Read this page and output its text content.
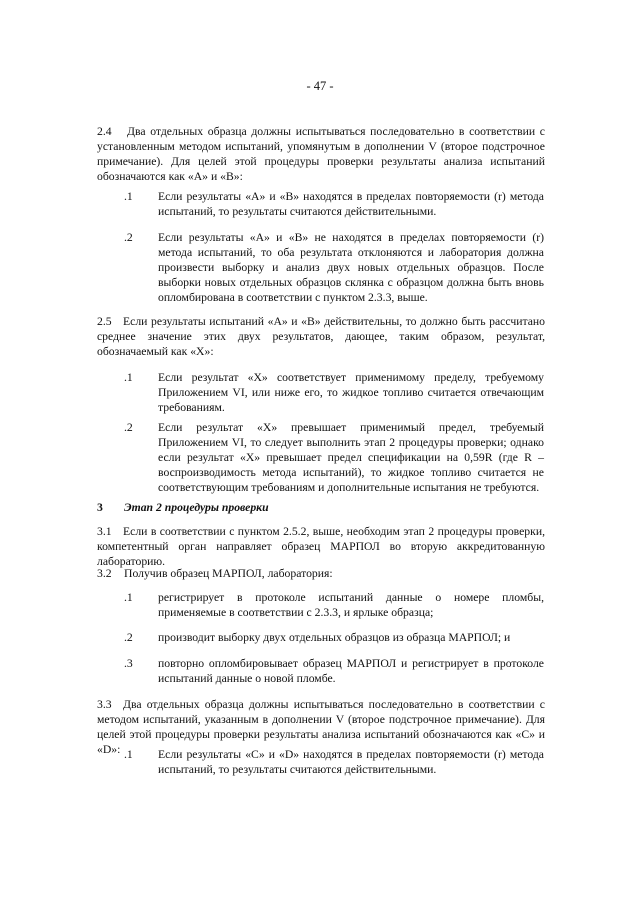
- 47 -
2.4	Два отдельных образца должны испытываться последовательно в соответствии с установленным методом испытаний, упомянутым в дополнении V (второе подстрочное примечание). Для целей этой процедуры проверки результаты анализа испытаний обозначаются как «А» и «В»:
.1 Если результаты «А» и «В» находятся в пределах повторяемости (r) метода испытаний, то результаты считаются действительными.
.2 Если результаты «А» и «В» не находятся в пределах повторяемости (r) метода испытаний, то оба результата отклоняются и лаборатория должна произвести выборку и анализ двух новых отдельных образцов. После выборки новых отдельных образцов склянка с образцом должна быть вновь опломбирована в соответствии с пунктом 2.3.3, выше.
2.5 Если результаты испытаний «А» и «В» действительны, то должно быть рассчитано среднее значение этих двух результатов, дающее, таким образом, результат, обозначаемый как «Х»:
.1 Если результат «Х» соответствует применимому пределу, требуемому Приложением VI, или ниже его, то жидкое топливо считается отвечающим требованиям.
.2 Если результат «Х» превышает применимый предел, требуемый Приложением VI, то следует выполнить этап 2 процедуры проверки; однако если результат «Х» превышает предел спецификации на 0,59R (где R – воспроизводимость метода испытаний), то жидкое топливо считается не соответствующим требованиям и дополнительные испытания не требуются.
3 Этап 2 процедуры проверки
3.1 Если в соответствии с пунктом 2.5.2, выше, необходим этап 2 процедуры проверки, компетентный орган направляет образец МАРПОЛ во вторую аккредитованную лабораторию.
3.2 Получив образец МАРПОЛ, лаборатория:
.1 регистрирует в протоколе испытаний данные о номере пломбы, применяемые в соответствии с 2.3.3, и ярлыке образца;
.2 производит выборку двух отдельных образцов из образца МАРПОЛ; и
.3 повторно опломбировывает образец МАРПОЛ и регистрирует в протоколе испытаний данные о новой пломбе.
3.3 Два отдельных образца должны испытываться последовательно в соответствии с методом испытаний, указанным в дополнении V (второе подстрочное примечание). Для целей этой процедуры проверки результаты анализа испытаний обозначаются как «С» и «D»: .1 Если результаты «С» и «D» находятся в пределах повторяемости (r) метода испытаний, то результаты считаются действительными.
